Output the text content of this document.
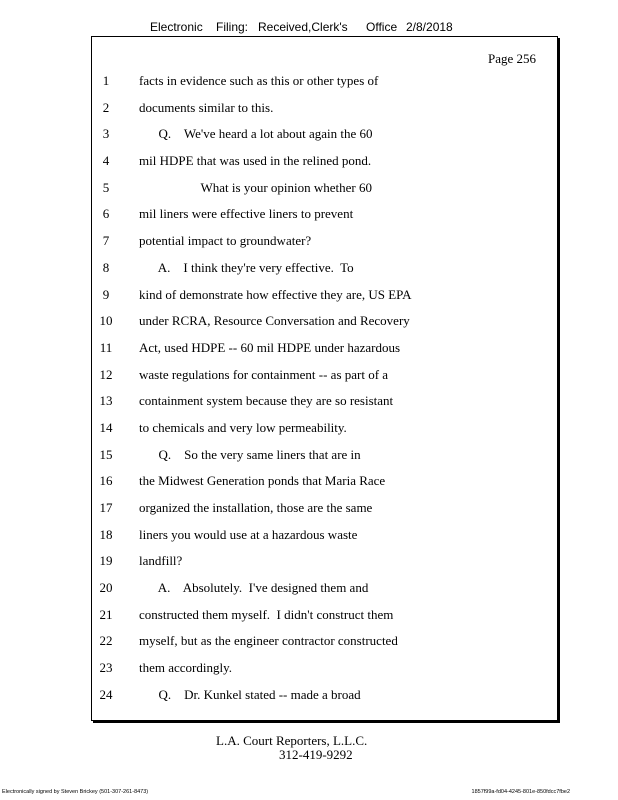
Electronic Filing: Received,Clerk's Office 2/8/2018
Page 256
1	facts in evidence such as this or other types of
2	documents similar to this.
3	Q.    We've heard a lot about again the 60
4	mil HDPE that was used in the relined pond.
5	What is your opinion whether 60
6	mil liners were effective liners to prevent
7	potential impact to groundwater?
8	A.    I think they're very effective.  To
9	kind of demonstrate how effective they are, US EPA
10 under RCRA, Resource Conversation and Recovery
11 Act, used HDPE -- 60 mil HDPE under hazardous
12 waste regulations for containment -- as part of a
13 containment system because they are so resistant
14 to chemicals and very low permeability.
15 Q.    So the very same liners that are in
16 the Midwest Generation ponds that Maria Race
17 organized the installation, those are the same
18 liners you would use at a hazardous waste
19 landfill?
20 A.    Absolutely.  I've designed them and
21 constructed them myself.  I didn't construct them
22 myself, but as the engineer contractor constructed
23 them accordingly.
24 Q.    Dr. Kunkel stated -- made a broad
L.A. Court Reporters, L.L.C.
312-419-9292
Electronically signed by Steven Brickey (501-307-261-8473)	1857f99a-fd04-4245-801e-850fdcc7fbe2
